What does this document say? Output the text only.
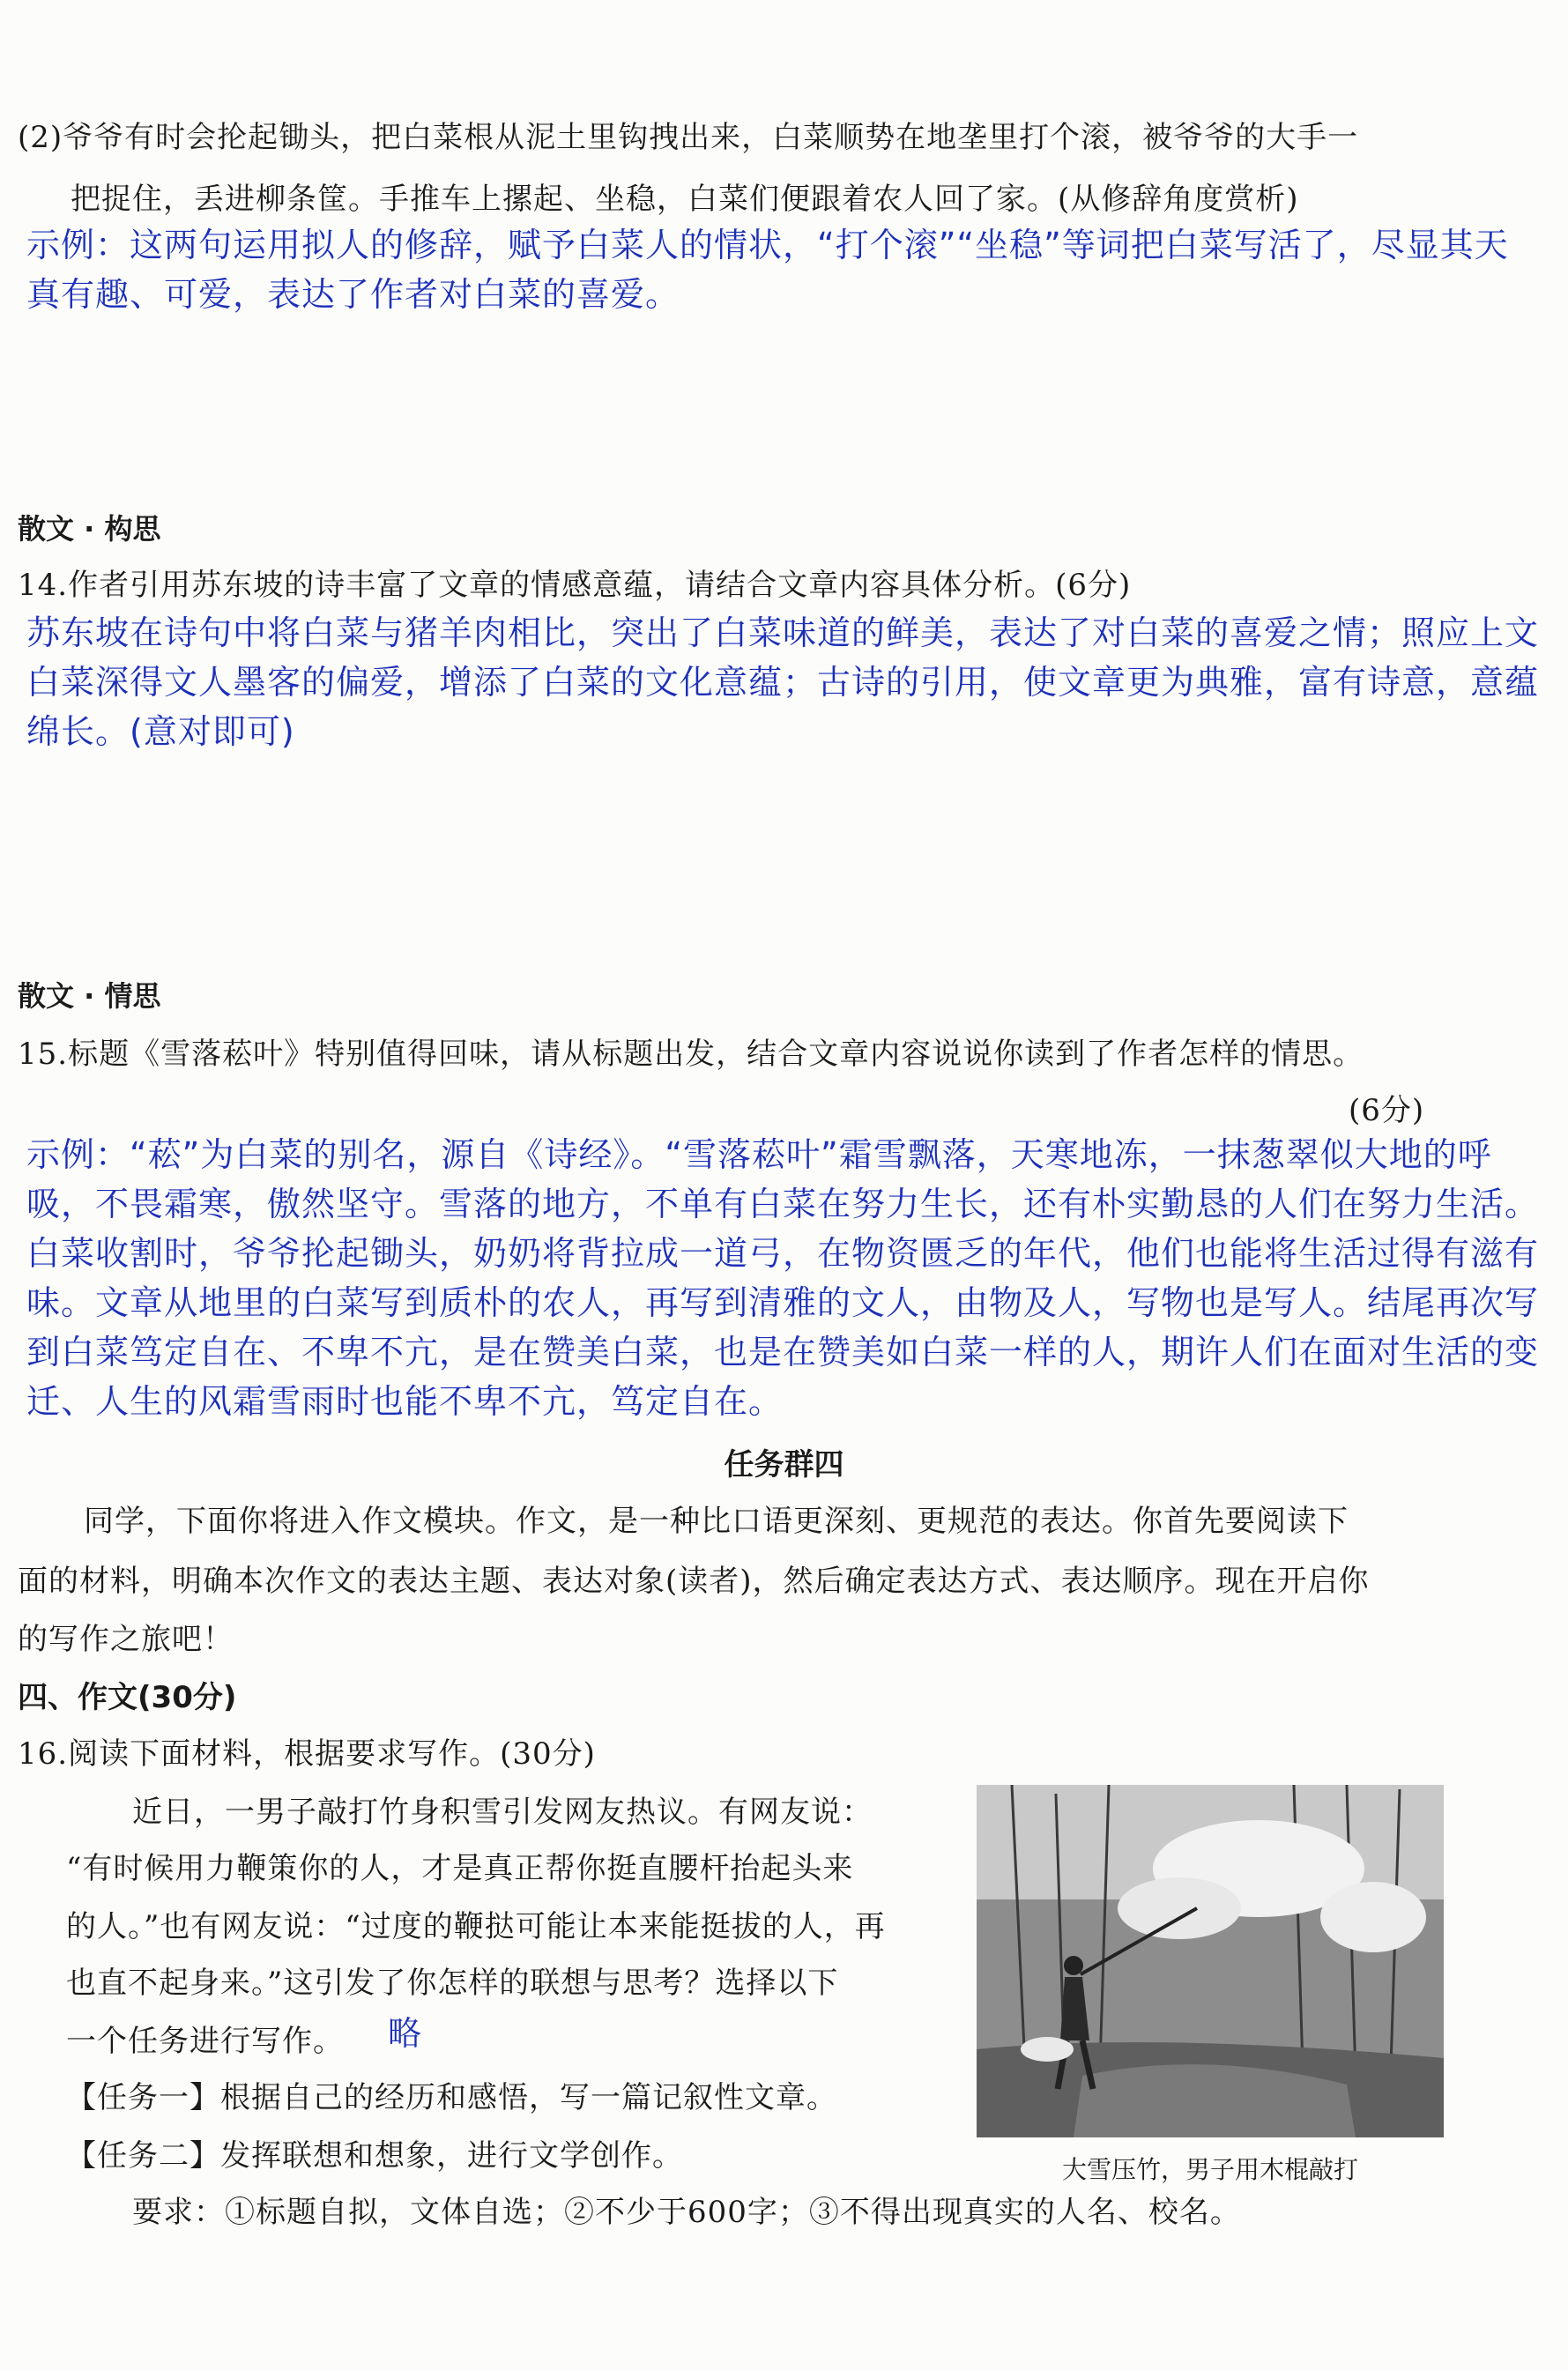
(2)爷爷有时会抡起锄头，把白菜根从泥土里钩拽出来，白菜顺势在地垄里打个滚，被爷爷的大手一
把捉住，丢进柳条筐。手推车上摞起、坐稳，白菜们便跟着农人回了家。(从修辞角度赏析)
示例：这两句运用拟人的修辞，赋予白菜人的情状，“打个滚”“坐稳”等词把白菜写活了，尽显其天真有趣、可爱，表达了作者对白菜的喜爱。
散文 · 构思
14.作者引用苏东坡的诗丰富了文章的情感意蕴，请结合文章内容具体分析。(6分)
苏东坡在诗句中将白菜与猪羊肉相比，突出了白菜味道的鲜美，表达了对白菜的喜爱之情；照应上文白菜深得文人墨客的偏爱，增添了白菜的文化意蕴；古诗的引用，使文章更为典雅，富有诗意，意蕴绵长。(意对即可)
散文 · 情思
15.标题《雪落菘叶》特别值得回味，请从标题出发，结合文章内容说说你读到了作者怎样的情思。
(6分)
示例：“菘”为白菜的别名，源自《诗经》。“雪落菘叶”霜雪飘落，天寒地冻，一抹葱翠似大地的呼吸，不畏霜寒，傲然坚守。雪落的地方，不单有白菜在努力生长，还有朴实勤恳的人们在努力生活。白菜收割时，爷爷抡起锄头，奶奶将背拉成一道弓，在物资匮乏的年代，他们也能将生活过得有滋有味。文章从地里的白菜写到质朴的农人，再写到清雅的文人，由物及人，写物也是写人。结尾再次写到白菜笃定自在、不卑不亢，是在赞美白菜，也是在赞美如白菜一样的人，期许人们在面对生活的变迁、人生的风霜雪雨时也能不卑不亢，笃定自在。
任务群四
同学，下面你将进入作文模块。作文，是一种比口语更深刻、更规范的表达。你首先要阅读下
面的材料，明确本次作文的表达主题、表达对象(读者)，然后确定表达方式、表达顺序。现在开启你
的写作之旅吧！
四、作文(30分)
16.阅读下面材料，根据要求写作。(30分)
近日，一男子敲打竹身积雪引发网友热议。有网友说：
“有时候用力鞭策你的人，才是真正帮你挺直腰杆抬起头来
的人。”也有网友说：“过度的鞭挞可能让本来能挺拔的人，再
也直不起身来。”这引发了你怎样的联想与思考？选择以下
一个任务进行写作。 略
【任务一】根据自己的经历和感悟，写一篇记叙性文章。
【任务二】发挥联想和想象，进行文学创作。
要求：①标题自拟，文体自选；②不少于600字；③不得出现真实的人名、校名。
大雪压竹，男子用木棍敲打
